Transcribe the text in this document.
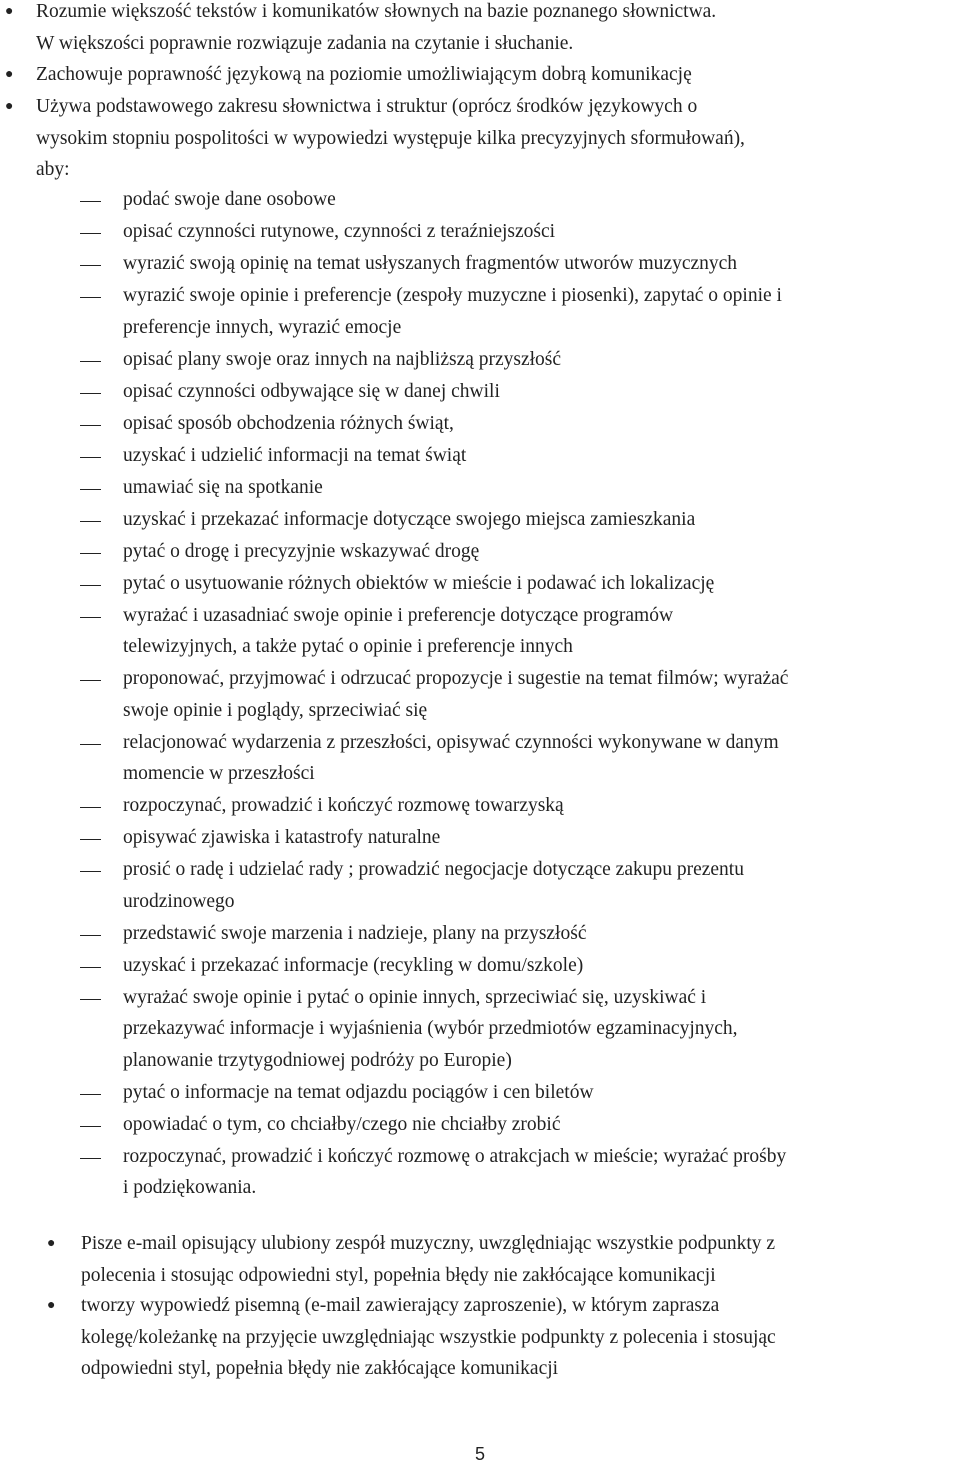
● Rozumie większość tekstów i komunikatów słownych na bazie poznanego słownictwa.
W większości poprawnie rozwiązuje zadania na czytanie i słuchanie.
● Zachowuje poprawność językową na poziomie umożliwiającym dobrą komunikację
● Używa podstawowego zakresu słownictwa i struktur (oprócz środków językowych o
wysokim stopniu pospolitości w wypowiedzi występuje kilka precyzyjnych sformułowań),
aby:
podać swoje dane osobowe
opisać czynności rutynowe, czynności z teraźniejszości
wyrazić swoją opinię na temat usłyszanych fragmentów utworów muzycznych
wyrazić swoje opinie i preferencje (zespoły muzyczne i piosenki), zapytać o opinie i
preferencje innych, wyrazić emocje
opisać plany swoje oraz innych na najbliższą przyszłość
opisać czynności odbywające się w danej chwili
opisać sposób obchodzenia różnych świąt,
uzyskać i udzielić informacji na temat świąt
umawiać się na spotkanie
uzyskać i przekazać informacje dotyczące swojego miejsca zamieszkania
pytać o drogę i precyzyjnie wskazywać drogę
pytać o usytuowanie różnych obiektów w mieście i podawać ich lokalizację
wyrażać i uzasadniać swoje opinie i preferencje dotyczące programów
telewizyjnych, a także pytać o opinie i preferencje innych
proponować, przyjmować i odrzucać propozycje i sugestie na temat filmów; wyrażać
swoje opinie i poglądy, sprzeciwiać się
relacjonować wydarzenia z przeszłości, opisywać czynności wykonywane w danym
momencie w przeszłości
rozpoczynać, prowadzić i kończyć rozmowę towarzyską
opisywać zjawiska i katastrofy naturalne
prosić o radę i udzielać rady ; prowadzić negocjacje dotyczące zakupu prezentu
urodzinowego
przedstawić swoje marzenia i nadzieje, plany na przyszłość
uzyskać i przekazać informacje (recykling w domu/szkole)
wyrażać swoje opinie i pytać o opinie innych, sprzeciwiać się, uzyskiwać i
przekazywać informacje i wyjaśnienia (wybór przedmiotów egzaminacyjnych,
planowanie trzytygodniowej podróży po Europie)
pytać o informacje na temat odjazdu pociągów i cen biletów
opowiadać o tym, co chciałby/czego nie chciałby zrobić
rozpoczynać, prowadzić i kończyć rozmowę o atrakcjach w mieście; wyrażać prośby
i podziękowania.
● Pisze e-mail opisujący ulubiony zespół muzyczny, uwzględniając wszystkie podpunkty z
polecenia i stosując odpowiedni styl, popełnia błędy nie zakłócające komunikacji
● tworzy wypowiedź pisemną (e-mail zawierający zaproszenie), w którym zaprasza
kolegę/koleżankę na przyjęcie uwzględniając wszystkie podpunkty z polecenia i stosując
odpowiedni styl, popełnia błędy nie zakłócające komunikacji
5
